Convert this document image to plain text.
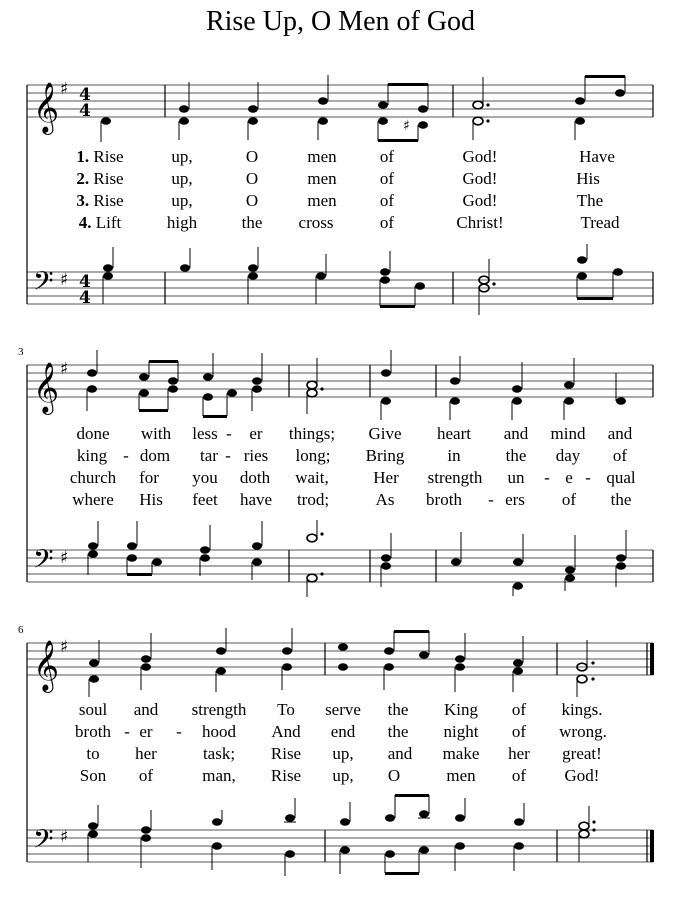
Rise Up, O Men of God
4
4
4
4
𝄞
𝄢
𝄞
𝄢
𝄞
𝄢
♯
♯
♯
♯
♯
♯
♯
3
6
1. Rise	up,	O	men	of	God!	Have
2. Rise	up,	O	men	of	God!	His
3. Rise	up,	O	men	of	God!	The
4. Lift	high	the cross	of	Christ!	Tread
done with less - er things; Give heart and mind and
king - dom tar - ries long; Bring	in	the day of
church for you doth wait,	Her strength un - e - qual
where His feet have trod;	As broth - ers of the
soul and strength To serve the King of kings.
broth - er - hood And end the night of wrong.
to her	task; Rise up, and make her great!
Son of	man, Rise up, O	men of God!
